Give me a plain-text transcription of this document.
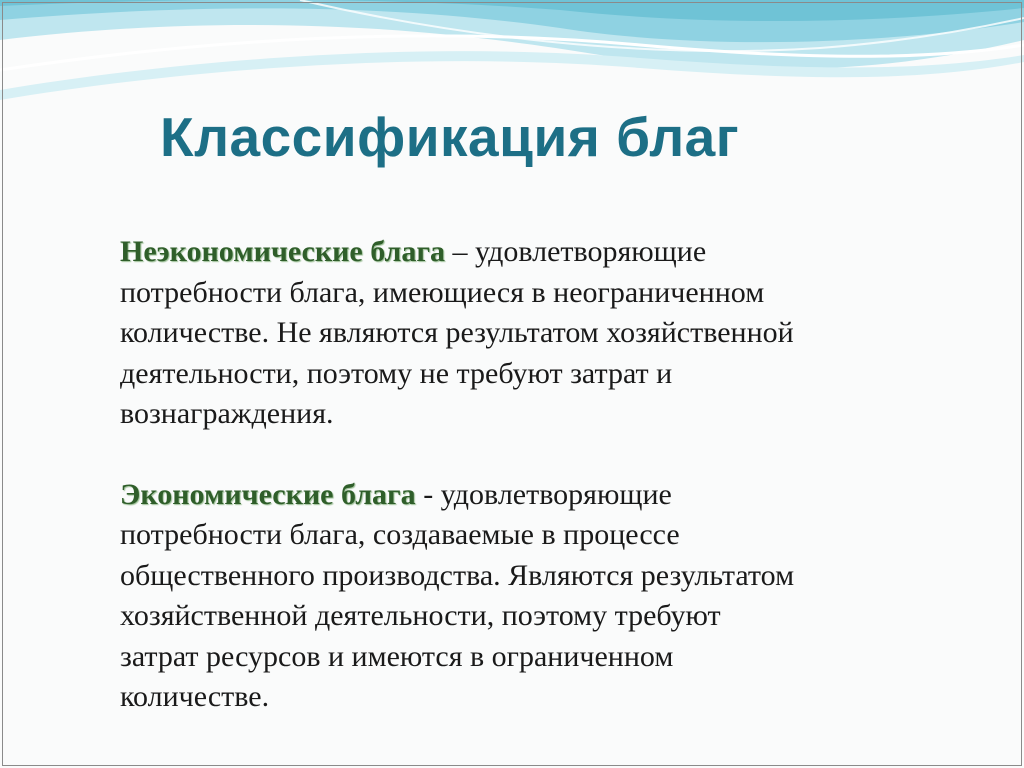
Классификация благ

Неэкономические блага – удовлетворяющие
потребности блага, имеющиеся в неограниченном
количестве. Не являются результатом хозяйственной
деятельности, поэтому не требуют затрат и
вознаграждения.

Экономические блага - удовлетворяющие
потребности блага, создаваемые в процессе
общественного производства. Являются результатом
хозяйственной деятельности, поэтому требуют
затрат ресурсов и имеются в ограниченном
количестве.
